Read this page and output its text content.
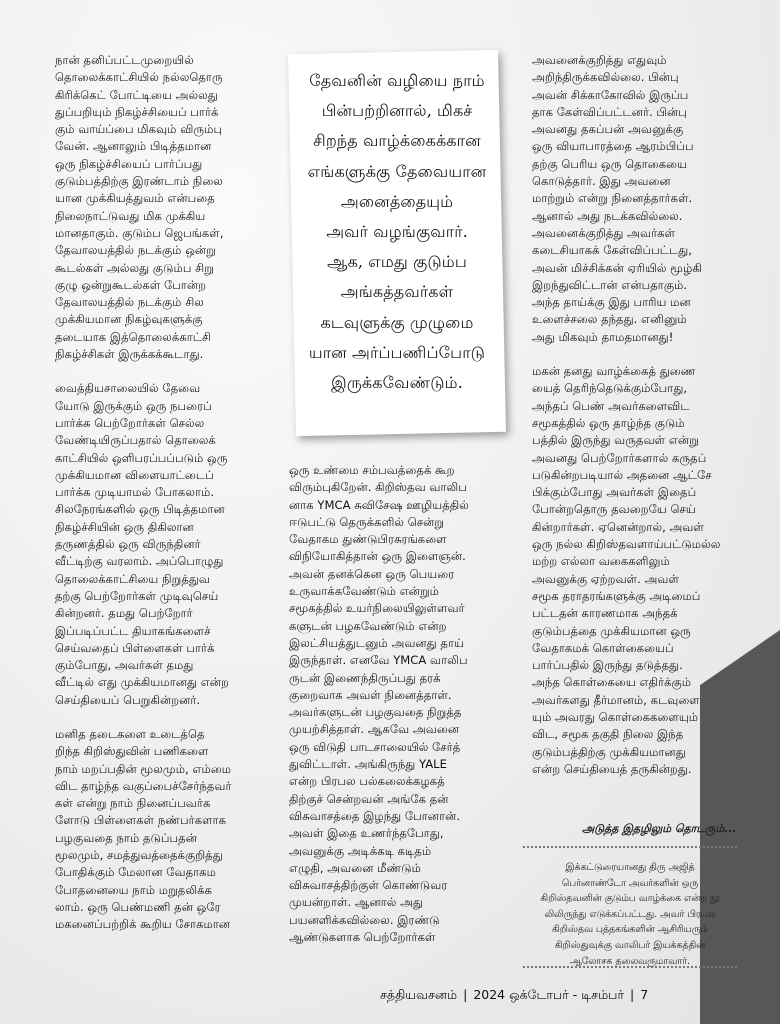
நான் தனிப்பட்டமுறையில்
தொலைக்காட்சியில் நல்லதொரு
கிரிக்கெட் போட்டியை அல்லது
துப்பறியும் நிகழ்ச்சியைப் பார்க்
கும் வாய்ப்பை மிகவும் விரும்பு
வேன். ஆனாலும் பிடித்தமான
ஒரு நிகழ்ச்சியைப் பார்ப்பது
குடும்பத்திற்கு இரண்டாம் நிலை
யான முக்கியத்துவம் என்பதை
நிலைநாட்டுவது மிக முக்கிய
மானதாகும். குடும்ப ஜெபங்கள்,
தேவாலயத்தில் நடக்கும் ஒன்று
கூடல்கள் அல்லது குடும்ப சிறு
குழு ஒன்றுகூடல்கள் போன்ற
தேவாலயத்தில் நடக்கும் சில
முக்கியமான நிகழ்வுகளுக்கு
தடையாக இத்தொலைக்காட்சி
நிகழ்ச்சிகள் இருக்கக்கூடாது.

வைத்தியசாலையில் தேவை
யோடு இருக்கும் ஒரு நபரைப்
பார்க்க பெற்றோர்கள் செல்ல
வேண்டியிருப்பதால் தொலைக்
காட்சியில் ஒளிபரப்பப்படும் ஒரு
முக்கியமான விளையாட்டைப்
பார்க்க முடியாமல் போகலாம்.
சிலநேரங்களில் ஒரு பிடித்தமான
நிகழ்ச்சியின் ஒரு திகிலான
தருணத்தில் ஒரு விருந்தினர்
வீட்டிற்கு வரலாம். அப்பொழுது
தொலைக்காட்சியை நிறுத்துவ
தற்கு பெற்றோர்கள் முடிவுசெய்
கின்றனர். தமது பெற்றோர்
இப்படிப்பட்ட தியாகங்களைச்
செய்வதைப் பிள்ளைகள் பார்க்
கும்போது, அவர்கள் தமது
வீட்டில் எது முக்கியமானது என்ற
செய்தியைப் பெறுகின்றனர்.

மனித தடைகளை உடைத்தெ
றிந்த கிறிஸ்துவின் பணிகளை
நாம் மறப்பதின் மூலமும், எம்மை
விட தாழ்ந்த வகுப்பைச்சேர்ந்தவர்
கள் என்று நாம் நினைப்பவர்க
ளோடு பிள்ளைகள் நண்பர்களாக
பழகுவதை நாம் தடுப்பதன்
மூலமும், சமத்துவத்தைக்குறித்து
போதிக்கும் மேலான வேதாகம
போதனையை நாம் மறுதலிக்க
லாம். ஒரு பெண்மணி தன் ஒரே
மகனைப்பற்றிக் கூறிய சோகமான

தேவனின் வழியை நாம்
பின்பற்றினால், மிகச்
சிறந்த வாழ்க்கைக்கான
எங்களுக்கு தேவையான
அனைத்தையும்
அவர் வழங்குவார்.
ஆக, எமது குடும்ப
அங்கத்தவர்கள்
கடவுளுக்கு முழுமை
யான அர்ப்பணிப்போடு
இருக்கவேண்டும்.

ஒரு உண்மை சம்பவத்தைக் கூற
விரும்புகிறேன். கிறிஸ்தவ வாலிப
னாக YMCA சுவிசேஷ ஊழியத்தில்
ஈடுபட்டு தெருக்களில் சென்று
வேதாகம துண்டுபிரசுரங்களை
விநியோகித்தான் ஒரு இளைஞன்.
அவன் தனக்கென ஒரு பெயரை
உருவாக்கவேண்டும் என்றும்
சமூகத்தில் உயர்நிலையிலுள்ளவர்
களுடன் பழகவேண்டும் என்ற
இலட்சியத்துடனும் அவனது தாய்
இருந்தாள். எனவே YMCA வாலிப
ருடன் இணைந்திருப்பது தரக்
குறைவாக அவள் நினைத்தாள்.
அவர்களுடன் பழகுவதை நிறுத்த
முயற்சித்தாள். ஆகவே அவனை
ஒரு விடுதி பாடசாலையில் சேர்த்
துவிட்டாள். அங்கிருந்து YALE
என்ற பிரபல பல்கலைக்கழகத்
திற்குச் சென்றவன் அங்கே தன்
விசுவாசத்தை இழந்து போனான்.
அவள் இதை உணர்ந்தபோது,
அவனுக்கு அடிக்கடி கடிதம்
எழுதி, அவனை மீண்டும்
விசுவாசத்திற்குள் கொண்டுவர
முயன்றாள். ஆனால் அது
பயனளிக்கவில்லை. இரண்டு
ஆண்டுகளாக பெற்றோர்கள்

அவனைக்குறித்து எதுவும்
அறிந்திருக்கவில்லை. பின்பு
அவன் சிக்காகோவில் இருப்ப
தாக கேள்விப்பட்டனர். பின்பு
அவனது தகப்பன் அவனுக்கு
ஒரு வியாபாரத்தை ஆரம்பிப்ப
தற்கு பெரிய ஒரு தொகையை
கொடுத்தார். இது அவனை
மாற்றும் என்று நினைத்தார்கள்.
ஆனால் அது நடக்கவில்லை.
அவனைக்குறித்து அவர்கள்
கடைசியாகக் கேள்விப்பட்டது,
அவன் மிச்சிக்கன் ஏரியில் மூழ்கி
இறந்துவிட்டான் என்பதாகும்.
அந்த தாய்க்கு இது பாரிய மன
உளைச்சலை தந்தது. எனினும்
அது மிகவும் தாமதமானது!

மகன் தனது வாழ்க்கைத் துணை
யைத் தெரிந்தெடுக்கும்போது,
அந்தப் பெண் அவர்களைவிட
சமூகத்தில் ஒரு தாழ்ந்த குடும்
பத்தில் இருந்து வருதவள் என்று
அவனது பெற்றோர்களால் கருதப்
படுகின்றபடியால் அதனை ஆட்சே
பிக்கும்போது அவர்கள் இதைப்
போன்றதொரு தவறையே செய்
கின்றார்கள். ஏனென்றால், அவள்
ஒரு நல்ல கிறிஸ்தவளாய்பட்டுமல்ல
மற்ற எல்லா வகைகளிலும்
அவனுக்கு ஏற்றவள். அவள்
சமூக தராதரங்களுக்கு அடிமைப்
பட்டதன் காரணமாக அந்தக்
குடும்பத்தை முக்கியமான ஒரு
வேதாகமக் கொள்கையைப்
பார்ப்பதில் இருந்து தடுத்தது.
அந்த கொள்கையை எதிர்க்கும்
அவர்களது தீர்மானம், கடவுளை
யும் அவரது கொள்கைகளையும்
விட, சமூக தகுதி நிலை இந்த
குடும்பத்திற்கு முக்கியமானது
என்ற செய்தியைத் தருகின்றது.

அடுத்த இதழிலும் தொடரும்...
இக்கட்டுரையானது திரு அஜித்
பெர்னாண்டோ அவர்களின் ஒரு
கிறிஸ்தவனின் குடும்ப வாழ்க்கை என்ற நூ
லிலிருந்து எடுக்கப்பட்டது. அவர் பிரபல
கிறிஸ்தவ புத்தகங்களின் ஆசிரியரும்
கிறிஸ்துவுக்கு வாலிபர் இயக்கத்தின்
ஆலோசக தலைவருமாவார்.
சத்தியவசனம் | 2024 ஒக்டோபர் - டிசம்பர் | 7
